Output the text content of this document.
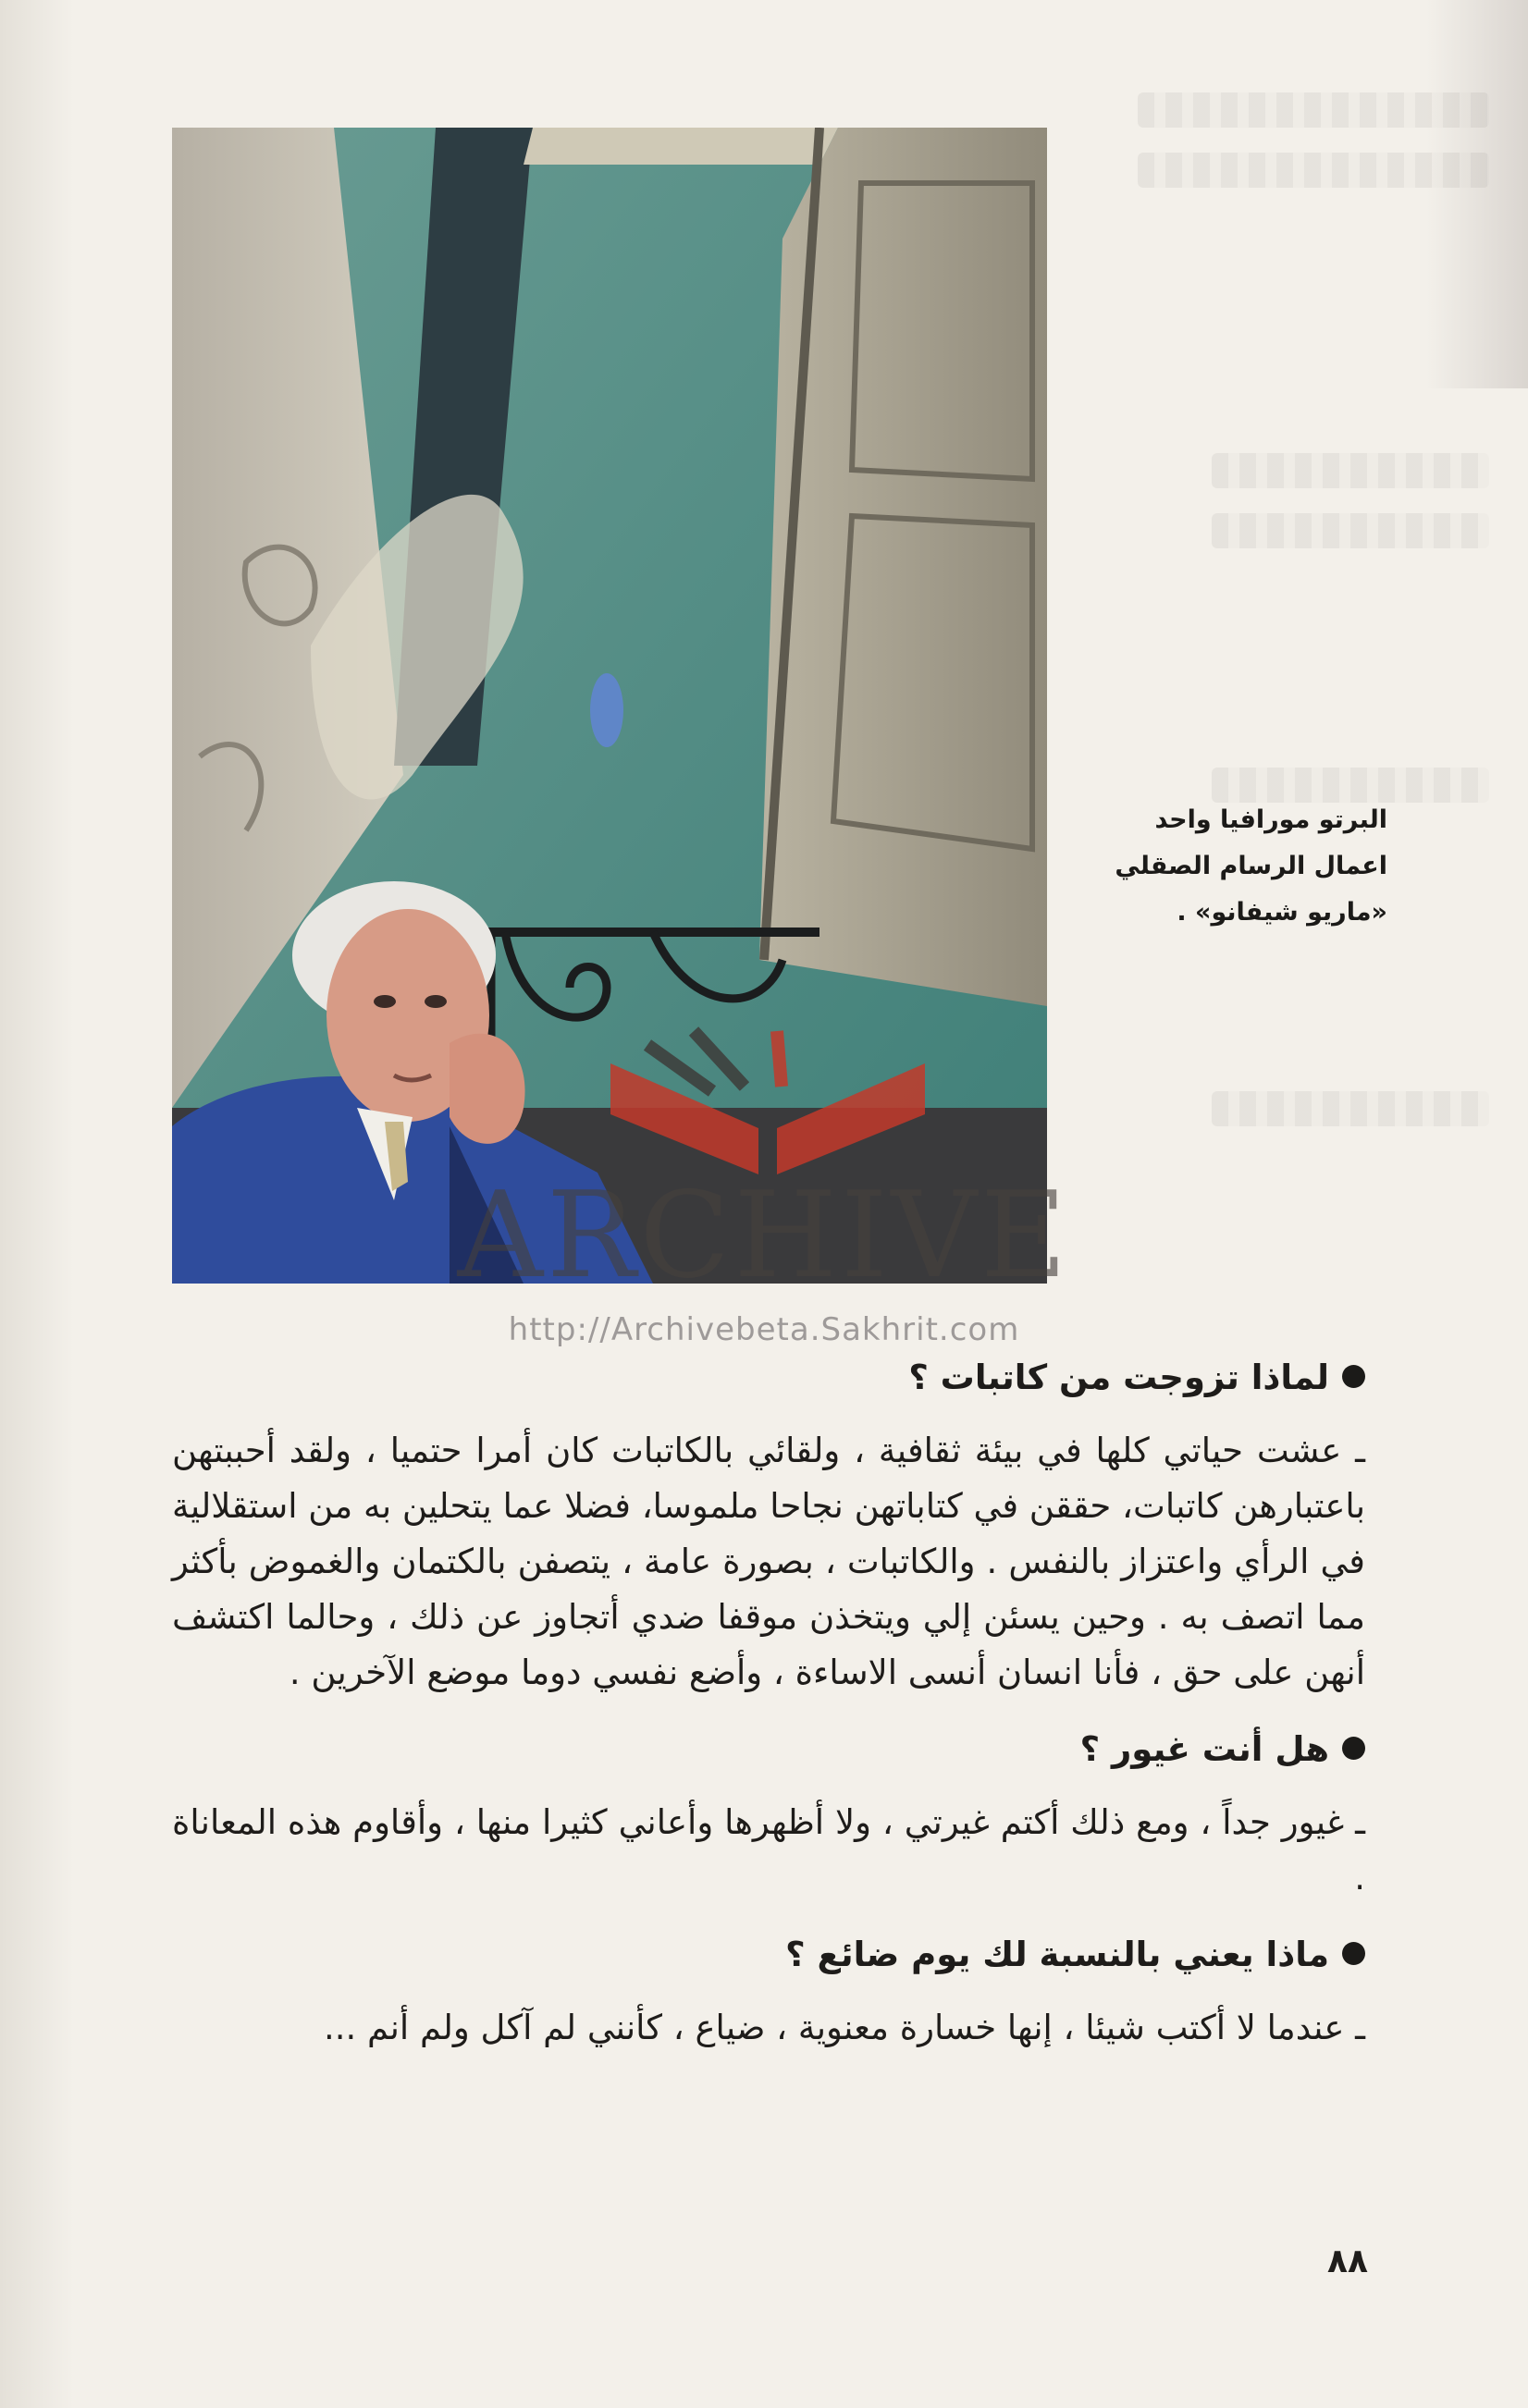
البرتو مورافيا واحد
اعمال الرسام الصقلي
«ماريو شيفانو» .
ARCHIVE
http://Archivebeta.Sakhrit.com

لماذا تزوجت من كاتبات ؟

ـ عشت حياتي كلها في بيئة ثقافية ، ولقائي بالكاتبات كان أمرا حتميا ، ولقد أحببتهن باعتبارهن كاتبات، حققن في كتاباتهن نجاحا ملموسا، فضلا عما يتحلين به من استقلالية في الرأي واعتزاز بالنفس . والكاتبات ، بصورة عامة ، يتصفن بالكتمان والغموض بأكثر مما اتصف به . وحين يسئن إلي ويتخذن موقفا ضدي أتجاوز عن ذلك ، وحالما اكتشف أنهن على حق ، فأنا انسان أنسى الاساءة ، وأضع نفسي دوما موضع الآخرين .

هل أنت غيور ؟

ـ غيور جداً ، ومع ذلك أكتم غيرتي ، ولا أظهرها وأعاني كثيرا منها ، وأقاوم هذه المعاناة .

ماذا يعني بالنسبة لك يوم ضائع ؟

ـ عندما لا أكتب شيئا ، إنها خسارة معنوية ، ضياع ، كأنني لم آكل ولم أنم ...

٨٨
